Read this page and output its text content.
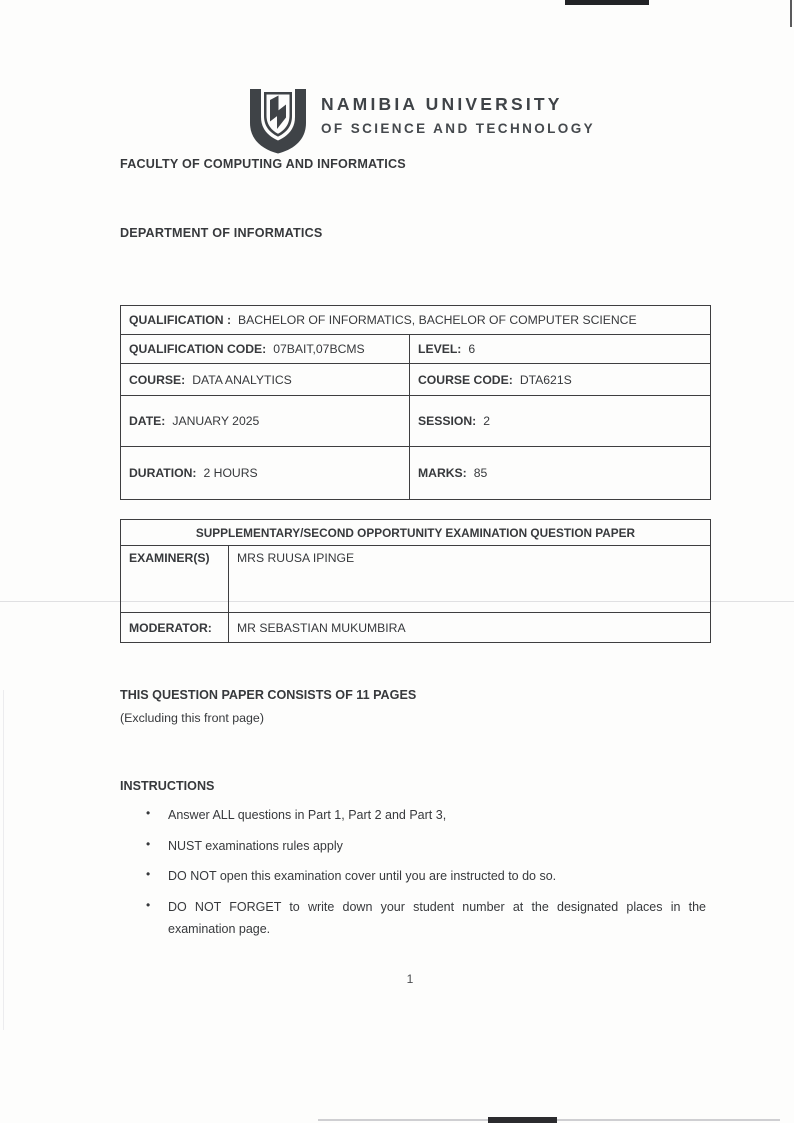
NAMIBIA UNIVERSITY
OF SCIENCE AND TECHNOLOGY
FACULTY OF COMPUTING AND INFORMATICS
DEPARTMENT OF INFORMATICS
QUALIFICATION : BACHELOR OF INFORMATICS, BACHELOR OF COMPUTER SCIENCE
QUALIFICATION CODE: 07BAIT,07BCMS	LEVEL: 6
COURSE: DATA ANALYTICS	COURSE CODE: DTA621S
DATE: JANUARY 2025	SESSION: 2
DURATION: 2 HOURS	MARKS: 85
SUPPLEMENTARY/SECOND OPPORTUNITY EXAMINATION QUESTION PAPER
EXAMINER(S)	MRS RUUSA IPINGE
MODERATOR:	MR SEBASTIAN MUKUMBIRA
THIS QUESTION PAPER CONSISTS OF 11 PAGES
(Excluding this front page)
INSTRUCTIONS
•	Answer ALL questions in Part 1, Part 2 and Part 3,
•	NUST examinations rules apply
•	DO NOT open this examination cover until you are instructed to do so.
•	DO NOT FORGET to write down your student number at the designated places in the examination page.
1
